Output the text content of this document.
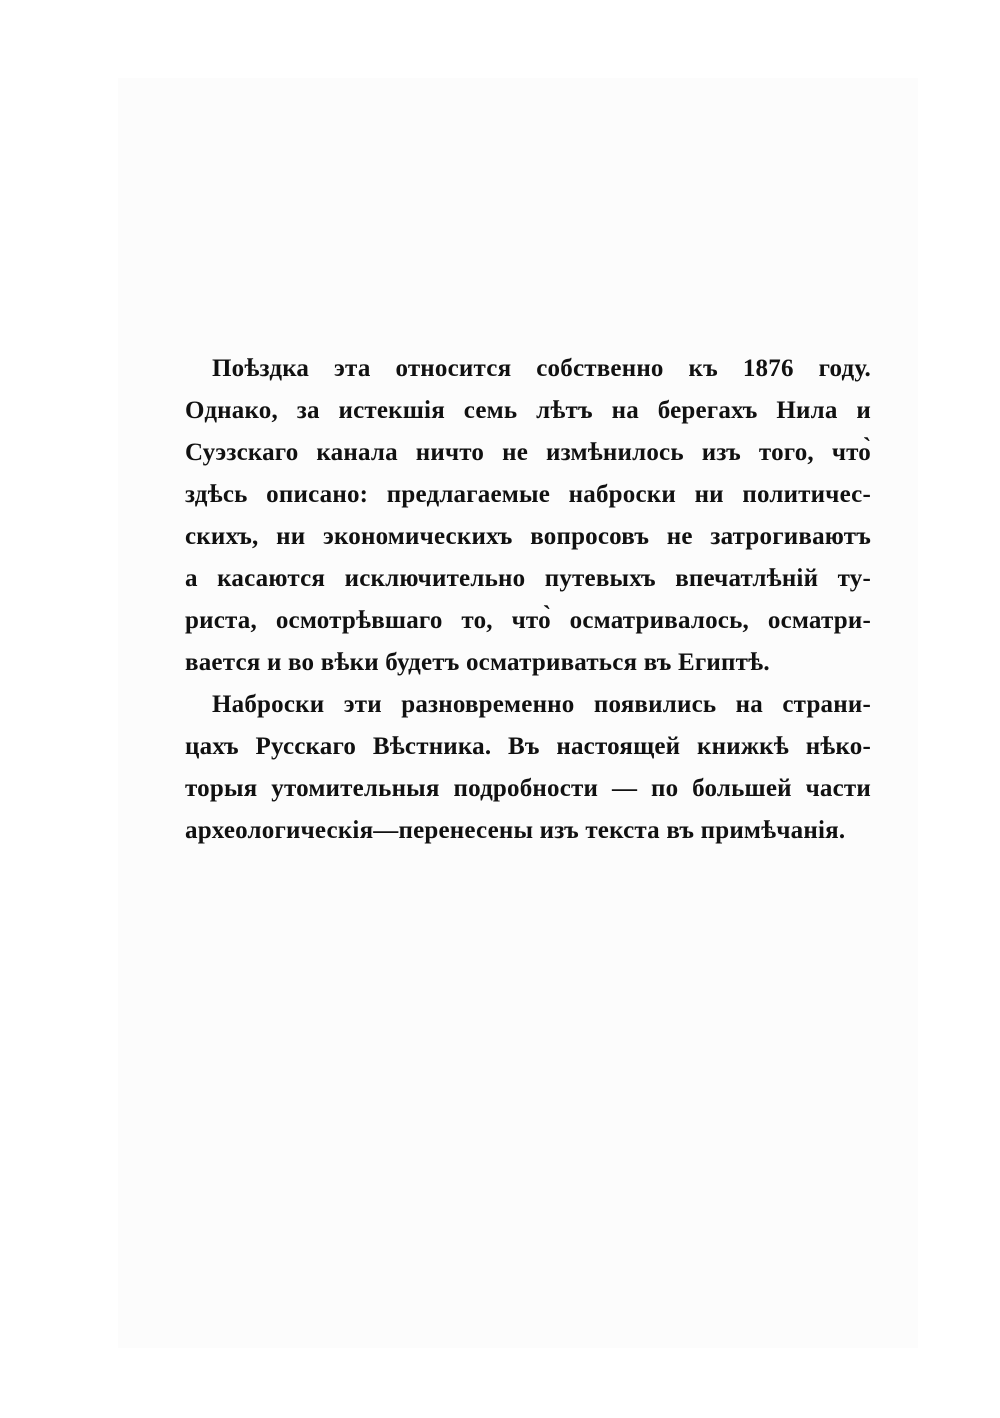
Поѣздка эта относится собственно къ 1876 году.
Однако, за истекшія семь лѣтъ на берегахъ Нила и
Суэзскаго канала ничто не измѣнилось изъ того, что̀
здѣсь описано: предлагаемые наброски ни политичес-
скихъ, ни экономическихъ вопросовъ не затрогиваютъ
а касаются исключительно путевыхъ впечатлѣній ту-
риста, осмотрѣвшаго то, что̀ осматривалось, осматри-
вается и во вѣки будетъ осматриваться въ Египтѣ.
Наброски эти разновременно появились на страни-
цахъ Русскаго Вѣстника. Въ настоящей книжкѣ нѣко-
торыя утомительныя подробности — по большей части
археологическія—перенесены изъ текста въ примѣчанія.
